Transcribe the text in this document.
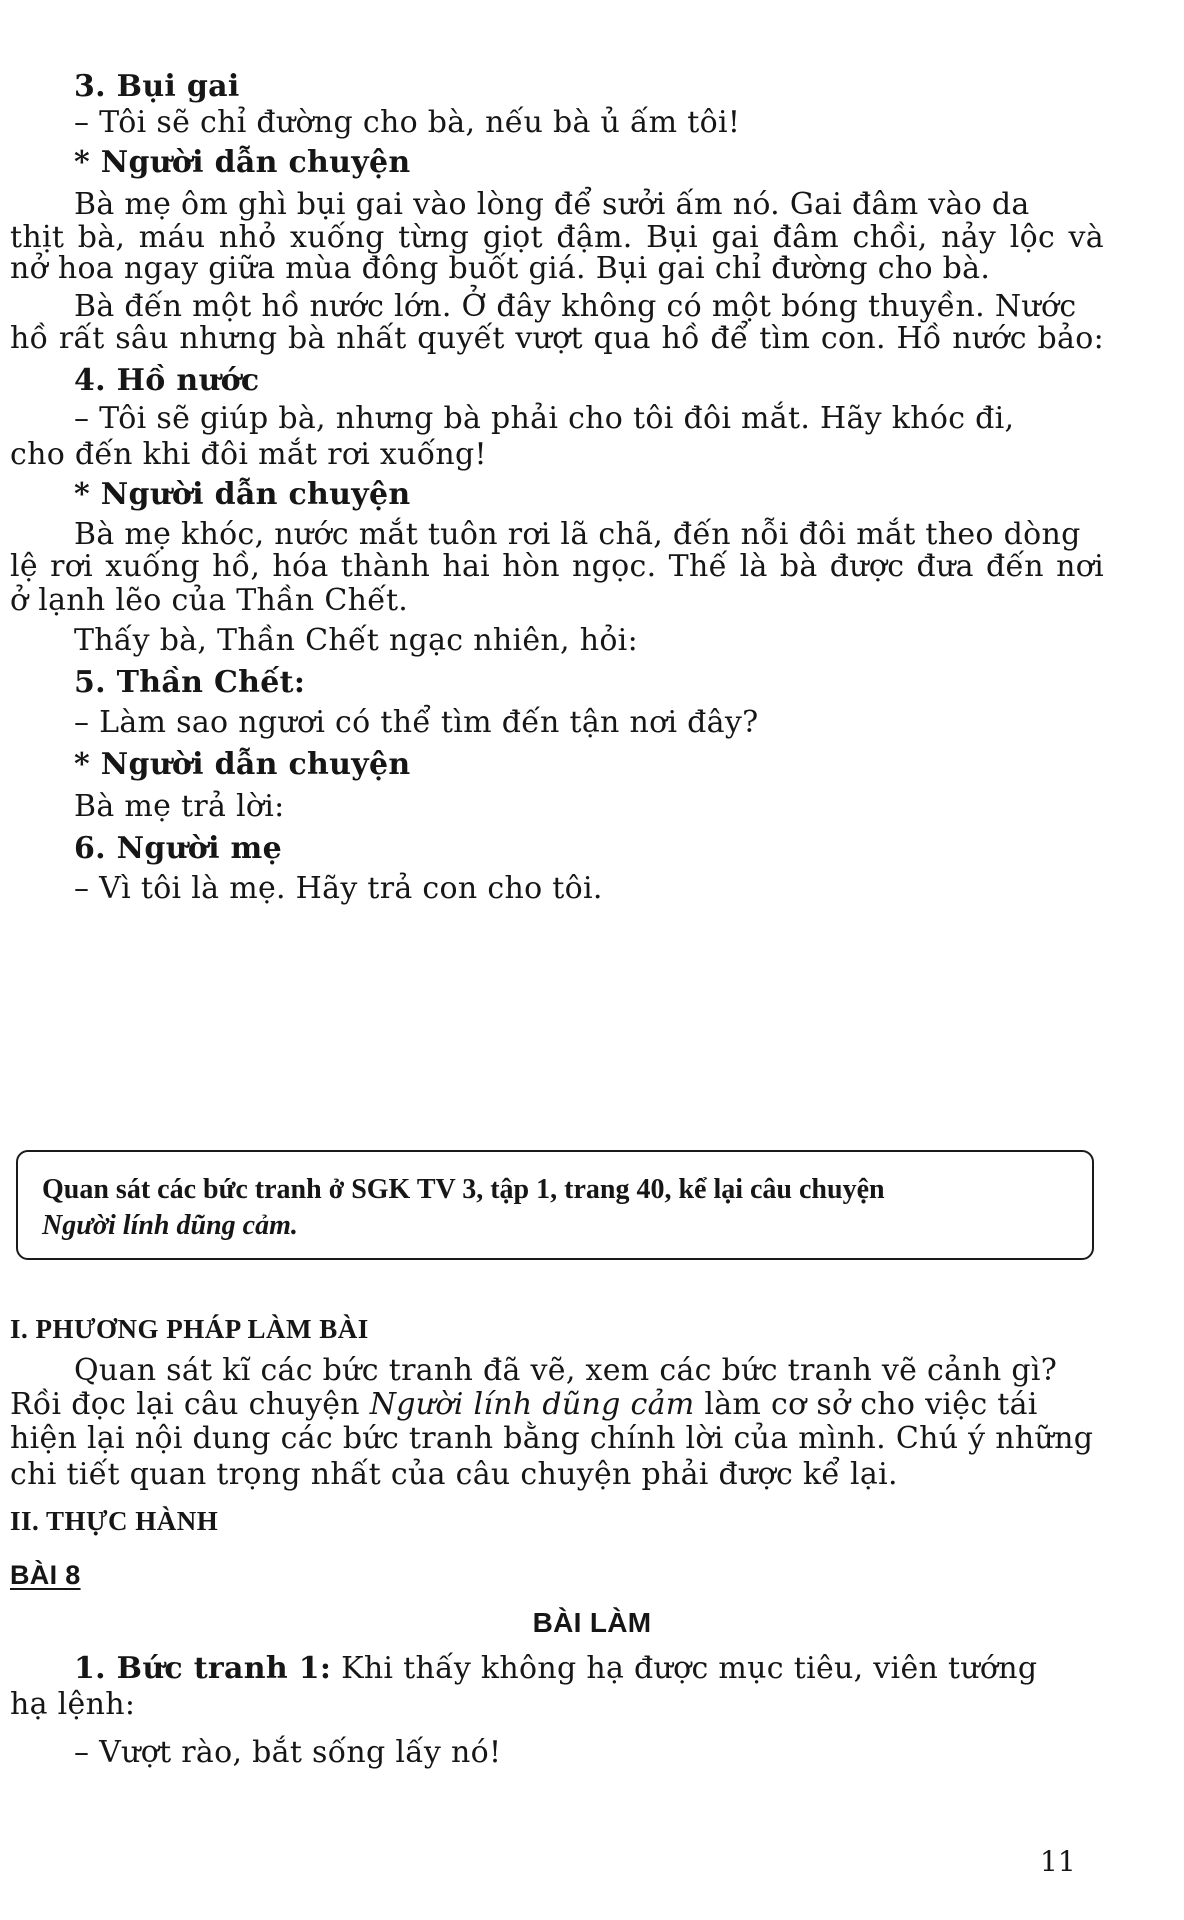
3. Bụi gai
– Tôi sẽ chỉ đường cho bà, nếu bà ủ ấm tôi!
* Người dẫn chuyện
Bà mẹ ôm ghì bụi gai vào lòng để sưởi ấm nó. Gai đâm vào da
thịt bà, máu nhỏ xuống từng giọt đậm. Bụi gai đâm chồi, nảy lộc và
nở hoa ngay giữa mùa đông buốt giá. Bụi gai chỉ đường cho bà.
Bà đến một hồ nước lớn. Ở đây không có một bóng thuyền. Nước
hồ rất sâu nhưng bà nhất quyết vượt qua hồ để tìm con. Hồ nước bảo:
4. Hồ nước
– Tôi sẽ giúp bà, nhưng bà phải cho tôi đôi mắt. Hãy khóc đi,
cho đến khi đôi mắt rơi xuống!
* Người dẫn chuyện
Bà mẹ khóc, nước mắt tuôn rơi lã chã, đến nỗi đôi mắt theo dòng
lệ rơi xuống hồ, hóa thành hai hòn ngọc. Thế là bà được đưa đến nơi
ở lạnh lẽo của Thần Chết.
Thấy bà, Thần Chết ngạc nhiên, hỏi:
5. Thần Chết:
– Làm sao ngươi có thể tìm đến tận nơi đây?
* Người dẫn chuyện
Bà mẹ trả lời:
6. Người mẹ
– Vì tôi là mẹ. Hãy trả con cho tôi.
Quan sát các bức tranh ở SGK TV 3, tập 1, trang 40, kể lại câu chuyện
Người lính dũng cảm.
I. PHƯƠNG PHÁP LÀM BÀI
Quan sát kĩ các bức tranh đã vẽ, xem các bức tranh vẽ cảnh gì?
Rồi đọc lại câu chuyện Người lính dũng cảm làm cơ sở cho việc tái
hiện lại nội dung các bức tranh bằng chính lời của mình. Chú ý những
chi tiết quan trọng nhất của câu chuyện phải được kể lại.
II. THỰC HÀNH
BÀI 8
BÀI LÀM
1. Bức tranh 1: Khi thấy không hạ được mục tiêu, viên tướng
hạ lệnh:
– Vượt rào, bắt sống lấy nó!
11
